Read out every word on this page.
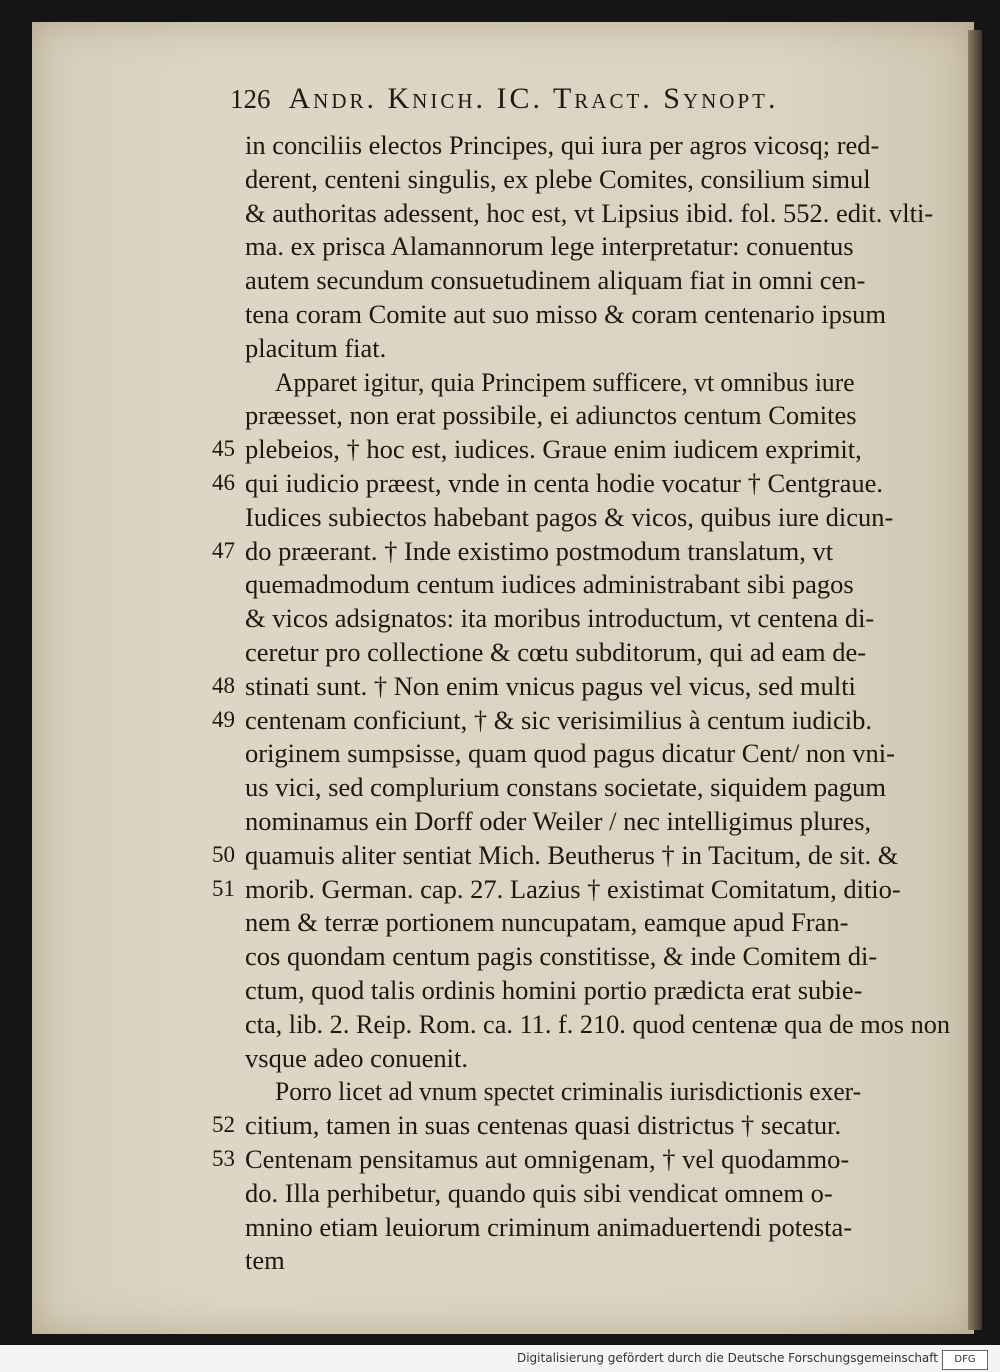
126 Andr. Knich. IC. Tract. Synopt.
in conciliis electos Principes, qui iura per agros vicosq; red-
derent, centeni singulis, ex plebe Comites, consilium simul
& authoritas adessent, hoc est, vt Lipsius ibid. fol. 552. edit. vlti-
ma. ex prisca Alamannorum lege interpretatur: conuentus
autem secundum consuetudinem aliquam fiat in omni cen-
tena coram Comite aut suo misso & coram centenario ipsum
placitum fiat.
Apparet igitur, quia Principem sufficere, vt omnibus iure
præesset, non erat possibile, ei adiunctos centum Comites
plebeios, † hoc est, iudices. Graue enim iudicem exprimit,
qui iudicio præest, vnde in centa hodie vocatur † Centgraue.
Iudices subiectos habebant pagos & vicos, quibus iure dicun-
do præerant. † Inde existimo postmodum translatum, vt
quemadmodum centum iudices administrabant sibi pagos
& vicos adsignatos: ita moribus introductum, vt centena di-
ceretur pro collectione & cœtu subditorum, qui ad eam de-
stinati sunt. † Non enim vnicus pagus vel vicus, sed multi
centenam conficiunt, † & sic verisimilius à centum iudicib.
originem sumpsisse, quam quod pagus dicatur Cent/ non vni-
us vici, sed complurium constans societate, siquidem pagum
nominamus ein Dorff oder Weiler / nec intelligimus plures,
quamuis aliter sentiat Mich. Beutherus † in Tacitum, de sit. &
morib. German. cap. 27. Lazius † existimat Comitatum, ditio-
nem & terræ portionem nuncupatam, eamque apud Fran-
cos quondam centum pagis constitisse, & inde Comitem di-
ctum, quod talis ordinis homini portio prædicta erat subie-
cta, lib. 2. Reip. Rom. ca. 11. f. 210. quod centenæ qua de mos non
vsque adeo conuenit.
Porro licet ad vnum spectet criminalis iurisdictionis exer-
citium, tamen in suas centenas quasi districtus † secatur.
Centenam pensitamus aut omnigenam, † vel quodammo-
do. Illa perhibetur, quando quis sibi vendicat omnem o-
mnino etiam leuiorum criminum animaduertendi potesta-
tem
45
46
47
48
49
50
51
52
53
Digitalisierung gefördert durch die Deutsche Forschungsgemeinschaft	DFG
